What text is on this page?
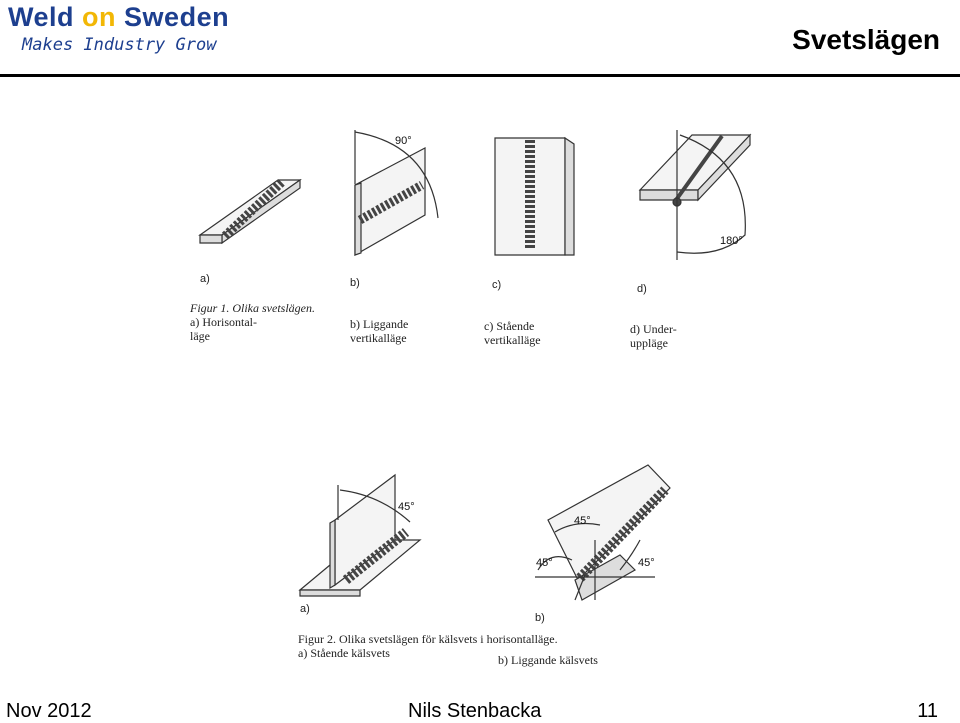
Weld on Sweden
Makes Industry Grow	Svetslägen
a)	b)	c)	d)
90°
180°
Figur 1. Olika svetslägen.
a) Horisontal-
läge
b) Liggande
vertikalläge
c) Stående
vertikalläge
d) Under-
uppläge
a)
b)
45°
45°
45°	45°
Figur 2. Olika svetslägen för kälsvets i horisontalläge.
a) Stående kälsvets	b) Liggande kälsvets
Nov 2012	Nils Stenbacka	11
